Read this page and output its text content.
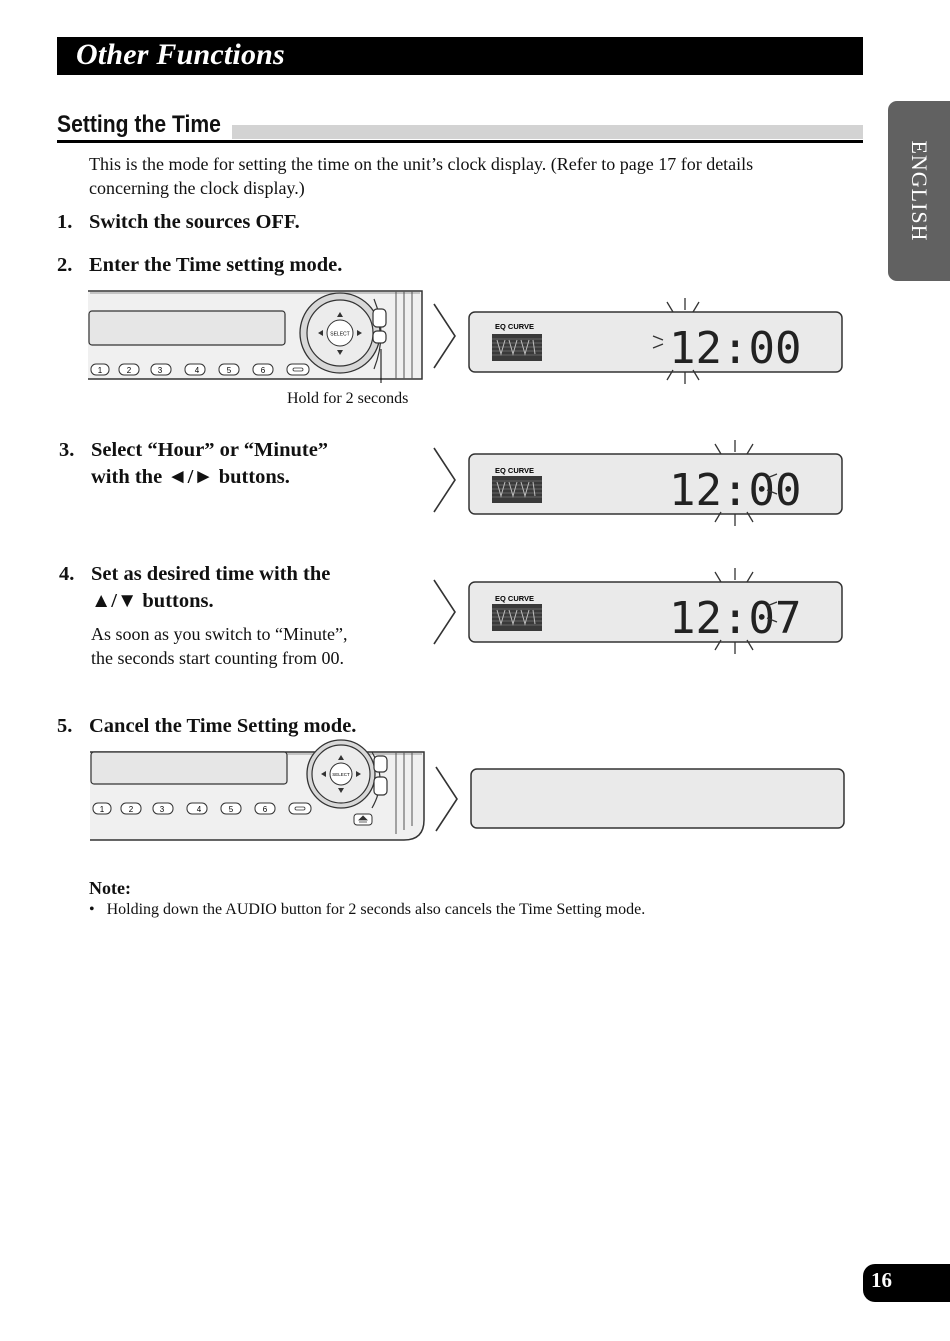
Other Functions
Setting the Time
ENGLISH
This is the mode for setting the time on the unit’s clock display. (Refer to page 17 for details concerning the clock display.)
1. Switch the sources OFF.
2. Enter the Time setting mode.
SELECT
1	2	3	4	5	6
Hold for 2 seconds
EQ CURVE	12:00
3. Select “Hour” or “Minute”
with the ◄/► buttons.	EQ CURVE	12:00
4. Set as desired time with the
▲/▼ buttons.
As soon as you switch to “Minute”,
the seconds start counting from 00.
EQ CURVE	12:07
5. Cancel the Time Setting mode.
SELECT
1	2	3	4	5	6
Note:
• Holding down the AUDIO button for 2 seconds also cancels the Time Setting mode.
16
